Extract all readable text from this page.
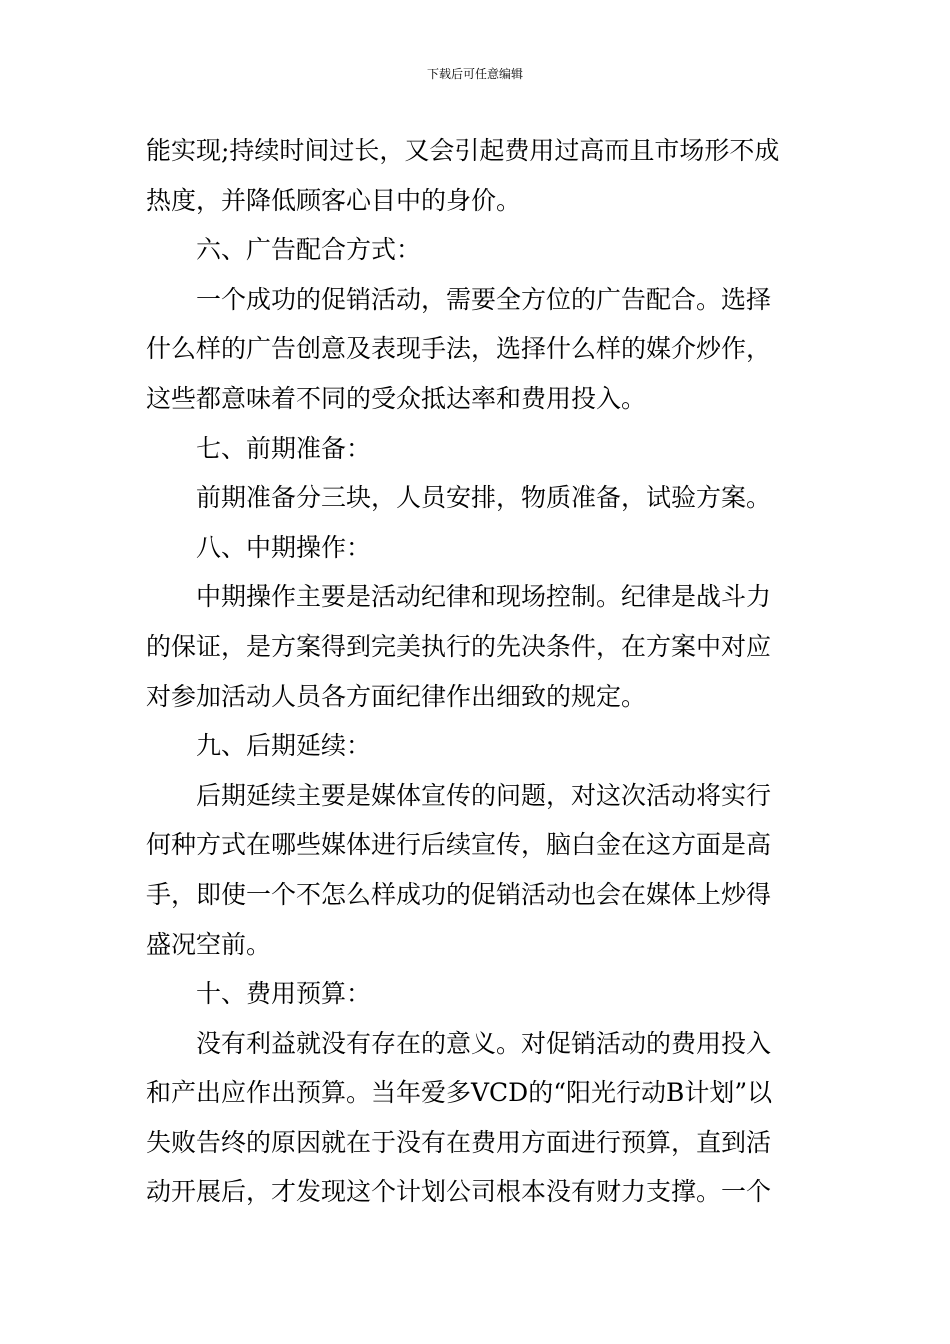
下载后可任意编辑

能实现;持续时间过长，又会引起费用过高而且市场形不成
热度，并降低顾客心目中的身价。

六、广告配合方式：

一个成功的促销活动，需要全方位的广告配合。选择
什么样的广告创意及表现手法，选择什么样的媒介炒作，
这些都意味着不同的受众抵达率和费用投入。

七、前期准备：

前期准备分三块，人员安排，物质准备，试验方案。

八、中期操作：

中期操作主要是活动纪律和现场控制。纪律是战斗力
的保证，是方案得到完美执行的先决条件，在方案中对应
对参加活动人员各方面纪律作出细致的规定。

九、后期延续：

后期延续主要是媒体宣传的问题，对这次活动将实行
何种方式在哪些媒体进行后续宣传，脑白金在这方面是高
手，即使一个不怎么样成功的促销活动也会在媒体上炒得
盛况空前。

十、费用预算：

没有利益就没有存在的意义。对促销活动的费用投入
和产出应作出预算。当年爱多VCD的“阳光行动B计划”以
失败告终的原因就在于没有在费用方面进行预算，直到活
动开展后，才发现这个计划公司根本没有财力支撑。一个
